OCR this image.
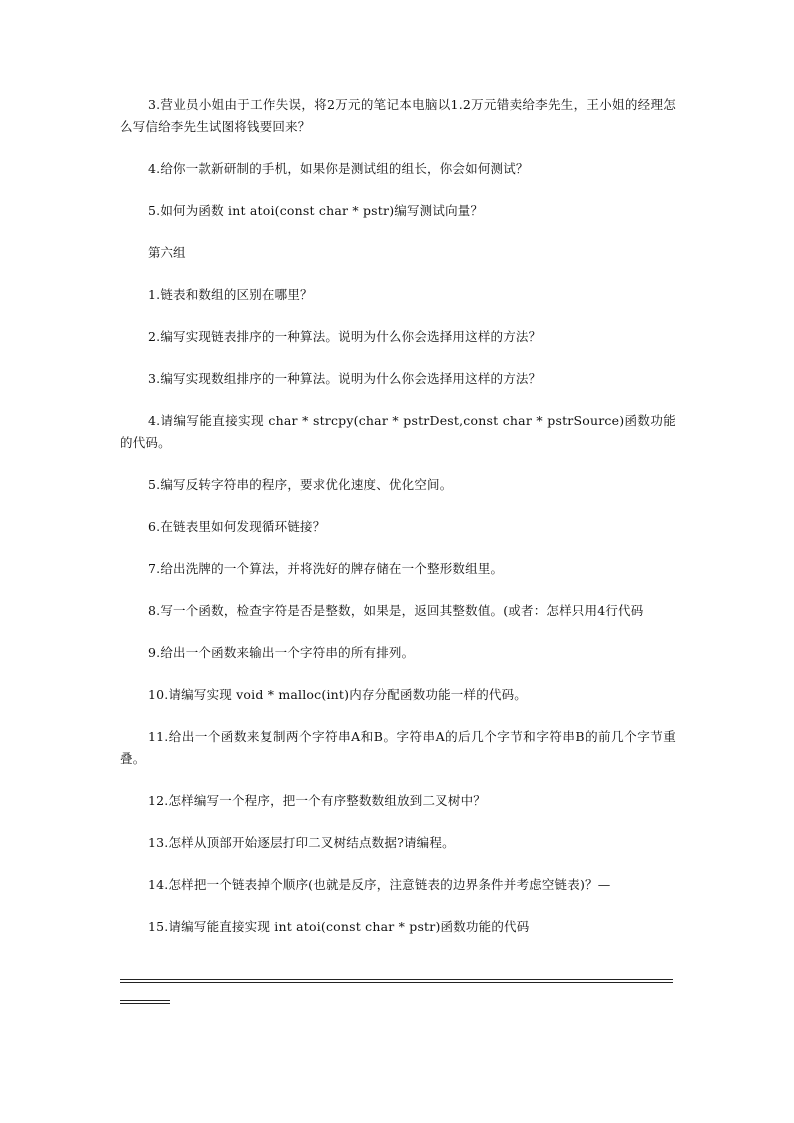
3.营业员小姐由于工作失误，将2万元的笔记本电脑以1.2万元错卖给李先生，王小姐的经理怎么写信给李先生试图将钱要回来？

4.给你一款新研制的手机，如果你是测试组的组长，你会如何测试？

5.如何为函数 int atoi(const char * pstr)编写测试向量？

第六组

1.链表和数组的区别在哪里？

2.编写实现链表排序的一种算法。说明为什么你会选择用这样的方法？

3.编写实现数组排序的一种算法。说明为什么你会选择用这样的方法？

4.请编写能直接实现 char * strcpy(char * pstrDest,const char * pstrSource)函数功能的代码。

5.编写反转字符串的程序，要求优化速度、优化空间。

6.在链表里如何发现循环链接？

7.给出洗牌的一个算法，并将洗好的牌存储在一个整形数组里。

8.写一个函数，检查字符是否是整数，如果是，返回其整数值。(或者：怎样只用4行代码

9.给出一个函数来输出一个字符串的所有排列。

10.请编写实现 void * malloc(int)内存分配函数功能一样的代码。

11.给出一个函数来复制两个字符串A和B。字符串A的后几个字节和字符串B的前几个字节重叠。

12.怎样编写一个程序，把一个有序整数数组放到二叉树中？

13.怎样从顶部开始逐层打印二叉树结点数据?请编程。

14.怎样把一个链表掉个顺序(也就是反序，注意链表的边界条件并考虑空链表)？—

15.请编写能直接实现 int atoi(const char * pstr)函数功能的代码
